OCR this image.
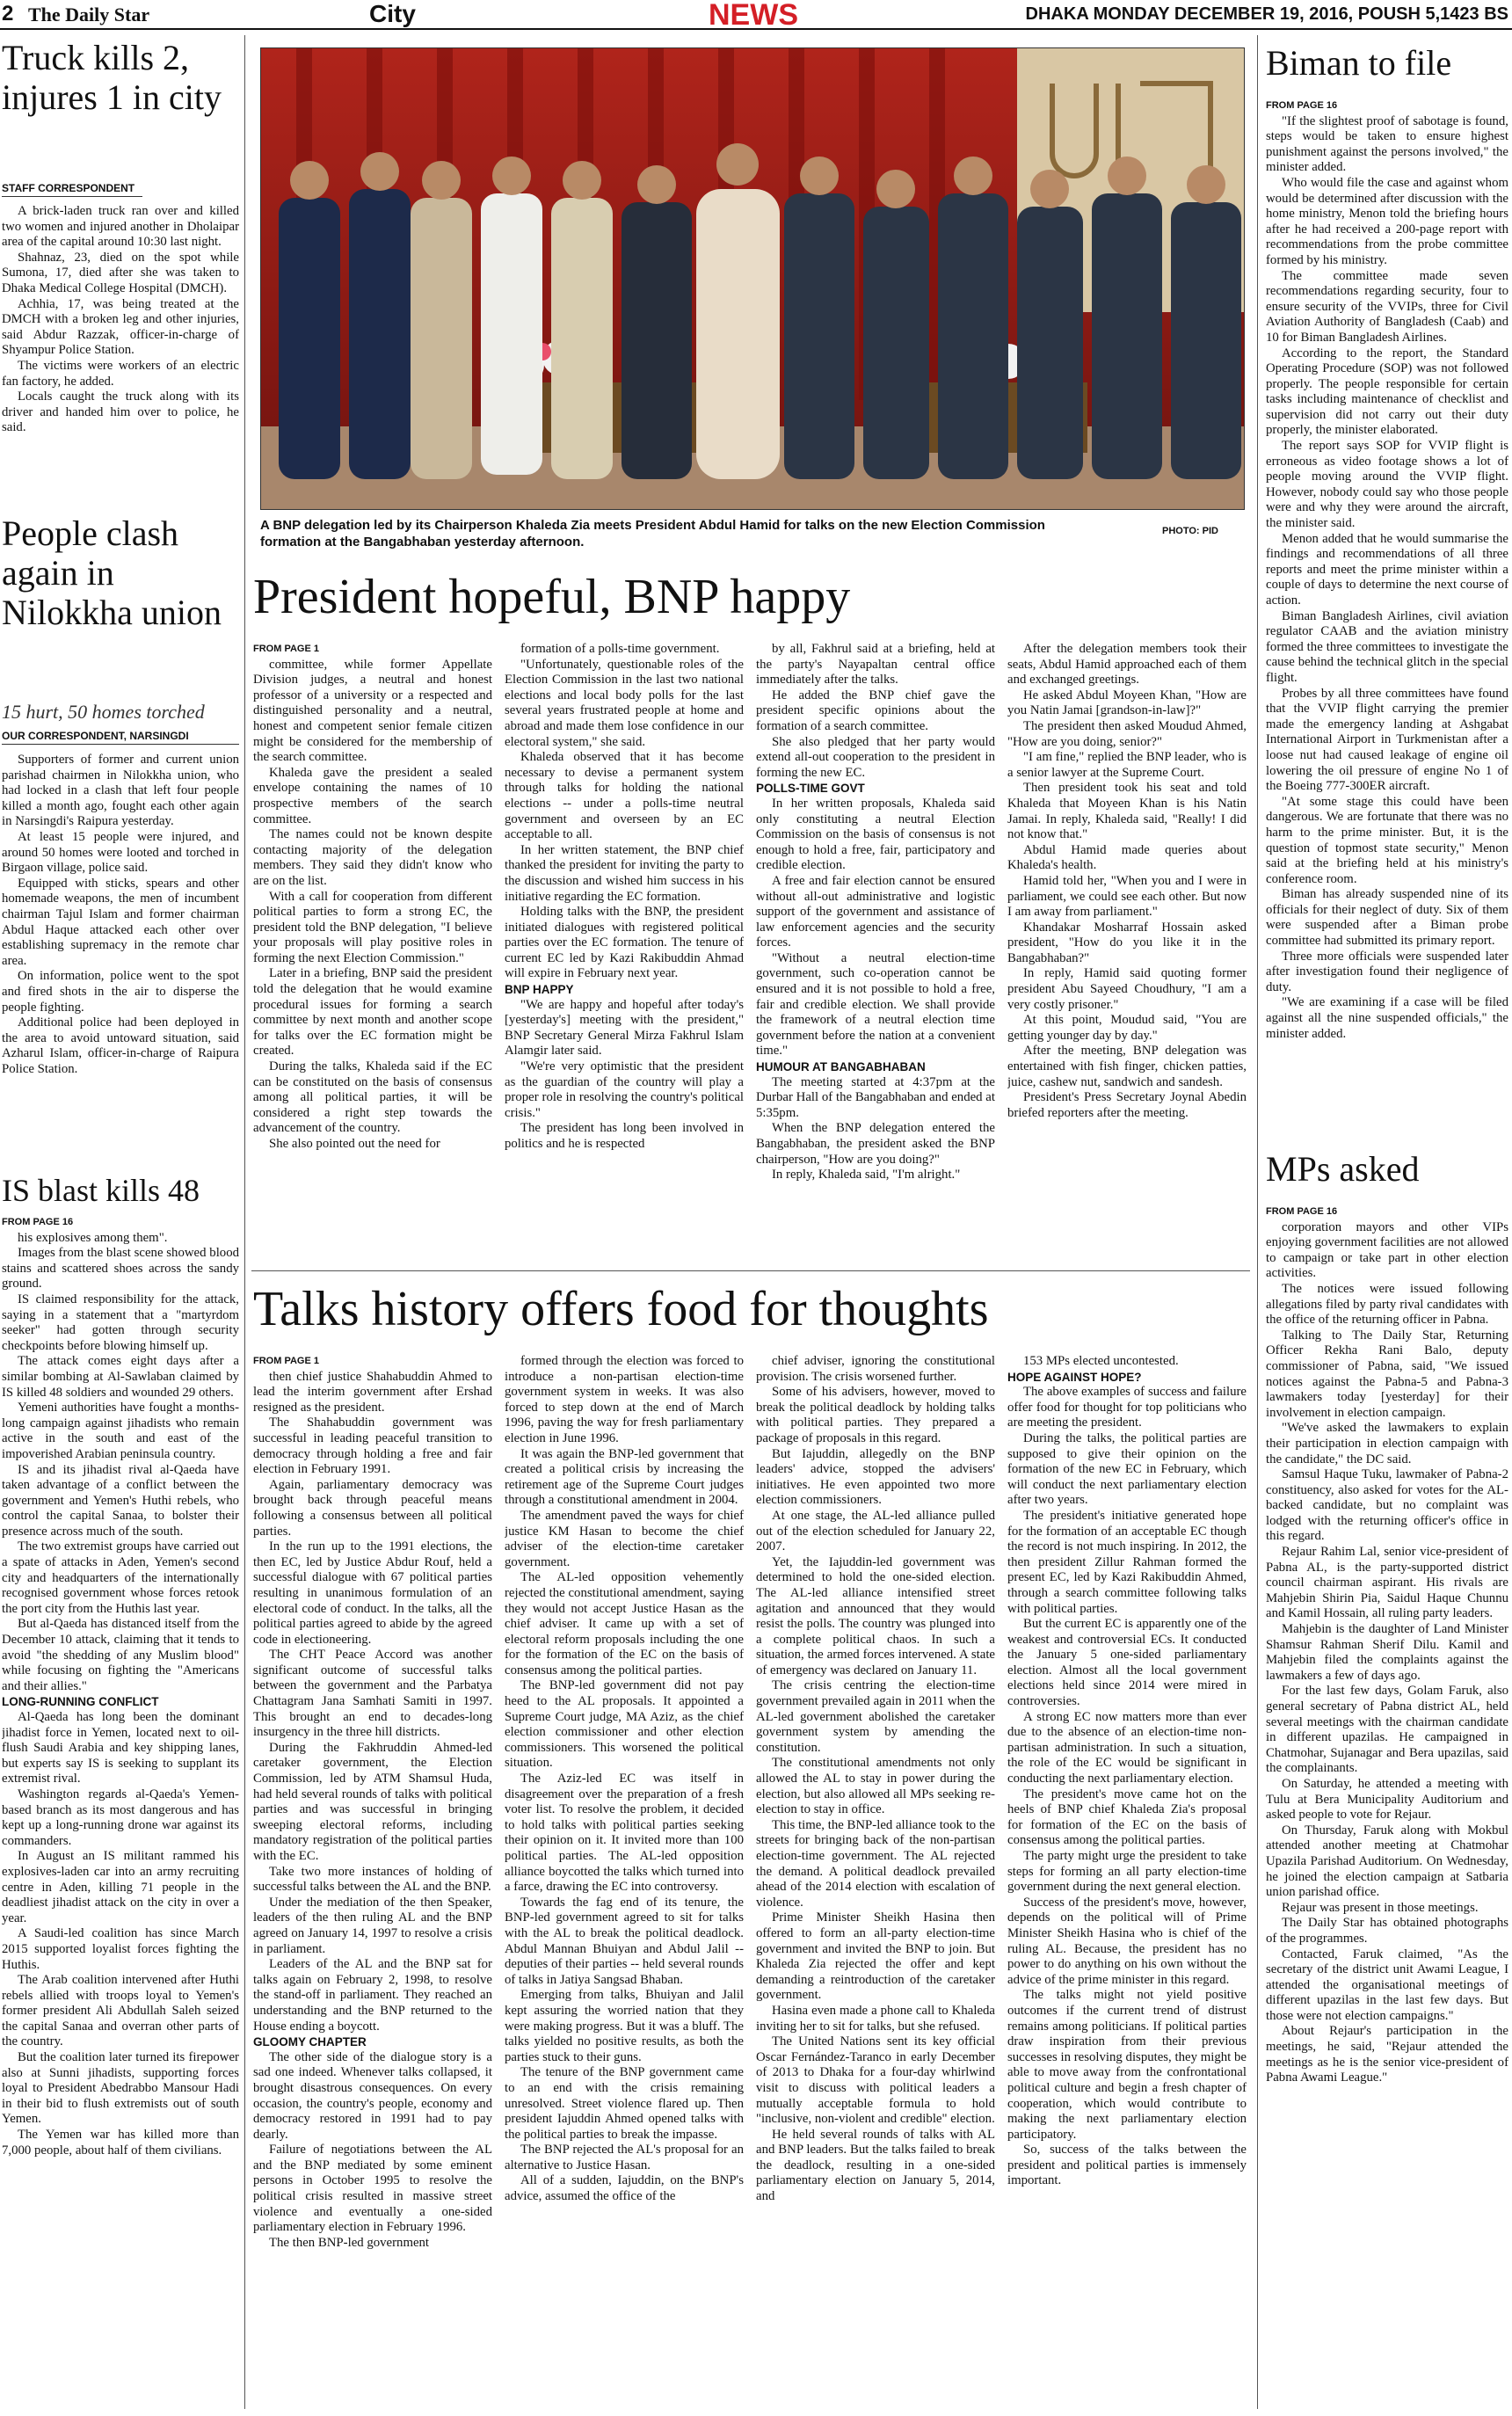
2 The Daily Star	City	NEWS	DHAKA MONDAY DECEMBER 19, 2016, POUSH 5,1423 BS
Truck kills 2, injures 1 in city
STAFF CORRESPONDENT

A brick-laden truck ran over and killed two women and injured another in Dholaipar area of the capital around 10:30 last night.

Shahnaz, 23, died on the spot while Sumona, 17, died after she was taken to Dhaka Medical College Hospital (DMCH).

Achhia, 17, was being treated at the DMCH with a broken leg and other injuries, said Abdur Razzak, officer-in-charge of Shyampur Police Station.

The victims were workers of an electric fan factory, he added.

Locals caught the truck along with its driver and handed him over to police, he said.

People clash again in Nilokkha union
15 hurt, 50 homes torched
OUR CORRESPONDENT, NARSINGDI

Supporters of former and current union parishad chairmen in Nilokkha union, who had locked in a clash that left four people killed a month ago, fought each other again in Narsingdi's Raipura yesterday.

At least 15 people were injured, and around 50 homes were looted and torched in Birgaon village, police said.

Equipped with sticks, spears and other homemade weapons, the men of incumbent chairman Tajul Islam and former chairman Abdul Haque attacked each other over establishing supremacy in the remote char area.

On information, police went to the spot and fired shots in the air to disperse the people fighting.

Additional police had been deployed in the area to avoid untoward situation, said Azharul Islam, officer-in-charge of Raipura Police Station.

IS blast kills 48

FROM PAGE 16

his explosives among them".

Images from the blast scene showed blood stains and scattered shoes across the sandy ground.

IS claimed responsibility for the attack, saying in a statement that a "martyrdom seeker" had gotten through security checkpoints before blowing himself up.

The attack comes eight days after a similar bombing at Al-Sawlaban claimed by IS killed 48 soldiers and wounded 29 others.

Yemeni authorities have fought a months-long campaign against jihadists who remain active in the south and east of the impoverished Arabian peninsula country.

IS and its jihadist rival al-Qaeda have taken advantage of a conflict between the government and Yemen's Huthi rebels, who control the capital Sanaa, to bolster their presence across much of the south.

The two extremist groups have carried out a spate of attacks in Aden, Yemen's second city and headquarters of the internationally recognised government whose forces retook the port city from the Huthis last year.

But al-Qaeda has distanced itself from the December 10 attack, claiming that it tends to avoid "the shedding of any Muslim blood" while focusing on fighting the "Americans and their allies."

LONG-RUNNING CONFLICT

Al-Qaeda has long been the dominant jihadist force in Yemen, located next to oil-flush Saudi Arabia and key shipping lanes, but experts say IS is seeking to supplant its extremist rival.

Washington regards al-Qaeda's Yemen-based branch as its most dangerous and has kept up a long-running drone war against its commanders.

In August an IS militant rammed his explosives-laden car into an army recruiting centre in Aden, killing 71 people in the deadliest jihadist attack on the city in over a year.

A Saudi-led coalition has since March 2015 supported loyalist forces fighting the Huthis.

The Arab coalition intervened after Huthi rebels allied with troops loyal to Yemen's former president Ali Abdullah Saleh seized the capital Sanaa and overran other parts of the country.

But the coalition later turned its firepower also at Sunni jihadists, supporting forces loyal to President Abedrabbo Mansour Hadi in their bid to flush extremists out of south Yemen.

The Yemen war has killed more than 7,000 people, about half of them civilians.

A BNP delegation led by its Chairperson Khaleda Zia meets President Abdul Hamid for talks on the new Election Commission formation at the Bangabhaban yesterday afternoon.
PHOTO: PID
President hopeful, BNP happy

FROM PAGE 1

committee, while former Appellate Division judges, a neutral and honest professor of a university or a respected and distinguished personality and a neutral, honest and competent senior female citizen might be considered for the membership of the search committee.

Khaleda gave the president a sealed envelope containing the names of 10 prospective members of the search committee.

The names could not be known despite contacting majority of the delegation members. They said they didn't know who are on the list.

With a call for cooperation from different political parties to form a strong EC, the president told the BNP delegation, "I believe your proposals will play positive roles in forming the next Election Commission."

Later in a briefing, BNP said the president told the delegation that he would examine procedural issues for forming a search committee by next month and another scope for talks over the EC formation might be created.

During the talks, Khaleda said if the EC can be constituted on the basis of consensus among all political parties, it will be considered a right step towards the advancement of the country.

She also pointed out the need for

formation of a polls-time government.

"Unfortunately, questionable roles of the Election Commission in the last two national elections and local body polls for the last several years frustrated people at home and abroad and made them lose confidence in our electoral system," she said.

Khaleda observed that it has become necessary to devise a permanent system through talks for holding the national elections -- under a polls-time neutral government and overseen by an EC acceptable to all.

In her written statement, the BNP chief thanked the president for inviting the party to the discussion and wished him success in his initiative regarding the EC formation.

Holding talks with the BNP, the president initiated dialogues with registered political parties over the EC formation. The tenure of current EC led by Kazi Rakibuddin Ahmad will expire in February next year.

BNP HAPPY

"We are happy and hopeful after today's [yesterday's] meeting with the president," BNP Secretary General Mirza Fakhrul Islam Alamgir later said.

"We're very optimistic that the president as the guardian of the country will play a proper role in resolving the country's political crisis."

The president has long been involved in politics and he is respected

by all, Fakhrul said at a briefing, held at the party's Nayapaltan central office immediately after the talks.

He added the BNP chief gave the president specific opinions about the formation of a search committee.

She also pledged that her party would extend all-out cooperation to the president in forming the new EC.

POLLS-TIME GOVT

In her written proposals, Khaleda said only constituting a neutral Election Commission on the basis of consensus is not enough to hold a free, fair, participatory and credible election.

A free and fair election cannot be ensured without all-out administrative and logistic support of the government and assistance of law enforcement agencies and the security forces.

"Without a neutral election-time government, such co-operation cannot be ensured and it is not possible to hold a free, fair and credible election. We shall provide the framework of a neutral election time government before the nation at a convenient time."

HUMOUR AT BANGABHABAN

The meeting started at 4:37pm at the Durbar Hall of the Bangabhaban and ended at 5:35pm.

When the BNP delegation entered the Bangabhaban, the president asked the BNP chairperson, "How are you doing?"

In reply, Khaleda said, "I'm alright."

After the delegation members took their seats, Abdul Hamid approached each of them and exchanged greetings.

He asked Abdul Moyeen Khan, "How are you Natin Jamai [grandson-in-law]?"

The president then asked Moudud Ahmed, "How are you doing, senior?"

"I am fine," replied the BNP leader, who is a senior lawyer at the Supreme Court.

Then president took his seat and told Khaleda that Moyeen Khan is his Natin Jamai. In reply, Khaleda said, "Really! I did not know that."

Abdul Hamid made queries about Khaleda's health.

Hamid told her, "When you and I were in parliament, we could see each other. But now I am away from parliament."

Khandakar Mosharraf Hossain asked president, "How do you like it in the Bangabhaban?"

In reply, Hamid said quoting former president Abu Sayeed Choudhury, "I am a very costly prisoner."

At this point, Moudud said, "You are getting younger day by day."

After the meeting, BNP delegation was entertained with fish finger, chicken patties, juice, cashew nut, sandwich and sandesh.

President's Press Secretary Joynal Abedin briefed reporters after the meeting.

Talks history offers food for thoughts

FROM PAGE 1

then chief justice Shahabuddin Ahmed to lead the interim government after Ershad resigned as the president.

The Shahabuddin government was successful in leading peaceful transition to democracy through holding a free and fair election in February 1991.

Again, parliamentary democracy was brought back through peaceful means following a consensus between all political parties.

In the run up to the 1991 elections, the then EC, led by Justice Abdur Rouf, held a successful dialogue with 67 political parties resulting in unanimous formulation of an electoral code of conduct. In the talks, all the political parties agreed to abide by the agreed code in electioneering.

The CHT Peace Accord was another significant outcome of successful talks between the government and the Parbatya Chattagram Jana Samhati Samiti in 1997. This brought an end to decades-long insurgency in the three hill districts.

During the Fakhruddin Ahmed-led caretaker government, the Election Commission, led by ATM Shamsul Huda, had held several rounds of talks with political parties and was successful in bringing sweeping electoral reforms, including mandatory registration of the political parties with the EC.

Take two more instances of holding of successful talks between the AL and the BNP.

Under the mediation of the then Speaker, leaders of the then ruling AL and the BNP agreed on January 14, 1997 to resolve a crisis in parliament.

Leaders of the AL and the BNP sat for talks again on February 2, 1998, to resolve the stand-off in parliament. They reached an understanding and the BNP returned to the House ending a boycott.

GLOOMY CHAPTER

The other side of the dialogue story is a sad one indeed. Whenever talks collapsed, it brought disastrous consequences. On every occasion, the country's people, economy and democracy restored in 1991 had to pay dearly.

Failure of negotiations between the AL and the BNP mediated by some eminent persons in October 1995 to resolve the political crisis resulted in massive street violence and eventually a one-sided parliamentary election in February 1996.

The then BNP-led government

formed through the election was forced to introduce a non-partisan election-time government system in weeks. It was also forced to step down at the end of March 1996, paving the way for fresh parliamentary election in June 1996.

It was again the BNP-led government that created a political crisis by increasing the retirement age of the Supreme Court judges through a constitutional amendment in 2004.

The amendment paved the ways for chief justice KM Hasan to become the chief adviser of the election-time caretaker government.

The AL-led opposition vehemently rejected the constitutional amendment, saying they would not accept Justice Hasan as the chief adviser. It came up with a set of electoral reform proposals including the one for the formation of the EC on the basis of consensus among the political parties.

The BNP-led government did not pay heed to the AL proposals. It appointed a Supreme Court judge, MA Aziz, as the chief election commissioner and other election commissioners. This worsened the political situation.

The Aziz-led EC was itself in disagreement over the preparation of a fresh voter list. To resolve the problem, it decided to hold talks with political parties seeking their opinion on it. It invited more than 100 political parties. The AL-led opposition alliance boycotted the talks which turned into a farce, drawing the EC into controversy.

Towards the fag end of its tenure, the BNP-led government agreed to sit for talks with the AL to break the political deadlock. Abdul Mannan Bhuiyan and Abdul Jalil -- deputies of their parties -- held several rounds of talks in Jatiya Sangsad Bhaban.

Emerging from talks, Bhuiyan and Jalil kept assuring the worried nation that they were making progress. But it was a bluff. The talks yielded no positive results, as both the parties stuck to their guns.

The tenure of the BNP government came to an end with the crisis remaining unresolved. Street violence flared up. Then president Iajuddin Ahmed opened talks with the political parties to break the impasse.

The BNP rejected the AL's proposal for an alternative to Justice Hasan.

All of a sudden, Iajuddin, on the BNP's advice, assumed the office of the

chief adviser, ignoring the constitutional provision. The crisis worsened further.

Some of his advisers, however, moved to break the political deadlock by holding talks with political parties. They prepared a package of proposals in this regard.

But Iajuddin, allegedly on the BNP leaders' advice, stopped the advisers' initiatives. He even appointed two more election commissioners.

At one stage, the AL-led alliance pulled out of the election scheduled for January 22, 2007.

Yet, the Iajuddin-led government was determined to hold the one-sided election. The AL-led alliance intensified street agitation and announced that they would resist the polls. The country was plunged into a complete political chaos. In such a situation, the armed forces intervened. A state of emergency was declared on January 11.

The crisis centring the election-time government prevailed again in 2011 when the AL-led government abolished the caretaker government system by amending the constitution.

The constitutional amendments not only allowed the AL to stay in power during the election, but also allowed all MPs seeking re-election to stay in office.

This time, the BNP-led alliance took to the streets for bringing back of the non-partisan election-time government. The AL rejected the demand. A political deadlock prevailed ahead of the 2014 election with escalation of violence.

Prime Minister Sheikh Hasina then offered to form an all-party election-time government and invited the BNP to join. But Khaleda Zia rejected the offer and kept demanding a reintroduction of the caretaker government.

Hasina even made a phone call to Khaleda inviting her to sit for talks, but she refused.

The United Nations sent its key official Oscar Fernández-Taranco in early December of 2013 to Dhaka for a four-day whirlwind visit to discuss with political leaders a mutually acceptable formula to hold "inclusive, non-violent and credible" election.

He held several rounds of talks with AL and BNP leaders. But the talks failed to break the deadlock, resulting in a one-sided parliamentary election on January 5, 2014, and

153 MPs elected uncontested.

HOPE AGAINST HOPE?

The above examples of success and failure offer food for thought for top politicians who are meeting the president.

During the talks, the political parties are supposed to give their opinion on the formation of the new EC in February, which will conduct the next parliamentary election after two years.

The president's initiative generated hope for the formation of an acceptable EC though the record is not much inspiring. In 2012, the then president Zillur Rahman formed the present EC, led by Kazi Rakibuddin Ahmed, through a search committee following talks with political parties.

But the current EC is apparently one of the weakest and controversial ECs. It conducted the January 5 one-sided parliamentary election. Almost all the local government elections held since 2014 were mired in controversies.

A strong EC now matters more than ever due to the absence of an election-time non-partisan administration. In such a situation, the role of the EC would be significant in conducting the next parliamentary election.

The president's move came hot on the heels of BNP chief Khaleda Zia's proposal for formation of the EC on the basis of consensus among the political parties.

The party might urge the president to take steps for forming an all party election-time government during the next general election.

Success of the president's move, however, depends on the political will of Prime Minister Sheikh Hasina who is chief of the ruling AL. Because, the president has no power to do anything on his own without the advice of the prime minister in this regard.

The talks might not yield positive outcomes if the current trend of distrust remains among politicians. If political parties draw inspiration from their previous successes in resolving disputes, they might be able to move away from the confrontational political culture and begin a fresh chapter of cooperation, which would contribute to making the next parliamentary election participatory.

So, success of the talks between the president and political parties is immensely important.

Biman to file

FROM PAGE 16

"If the slightest proof of sabotage is found, steps would be taken to ensure highest punishment against the persons involved," the minister added.

Who would file the case and against whom would be determined after discussion with the home ministry, Menon told the briefing hours after he had received a 200-page report with recommendations from the probe committee formed by his ministry.

The committee made seven recommendations regarding security, four to ensure security of the VVIPs, three for Civil Aviation Authority of Bangladesh (Caab) and 10 for Biman Bangladesh Airlines.

According to the report, the Standard Operating Procedure (SOP) was not followed properly. The people responsible for certain tasks including maintenance of checklist and supervision did not carry out their duty properly, the minister elaborated.

The report says SOP for VVIP flight is erroneous as video footage shows a lot of people moving around the VVIP flight. However, nobody could say who those people were and why they were around the aircraft, the minister said.

Menon added that he would summarise the findings and recommendations of all three reports and meet the prime minister within a couple of days to determine the next course of action.

Biman Bangladesh Airlines, civil aviation regulator CAAB and the aviation ministry formed the three committees to investigate the cause behind the technical glitch in the special flight.

Probes by all three committees have found that the VVIP flight carrying the premier made the emergency landing at Ashgabat International Airport in Turkmenistan after a loose nut had caused leakage of engine oil lowering the oil pressure of engine No 1 of the Boeing 777-300ER aircraft.

"At some stage this could have been dangerous. We are fortunate that there was no harm to the prime minister. But, it is the question of topmost state security," Menon said at the briefing held at his ministry's conference room.

Biman has already suspended nine of its officials for their neglect of duty. Six of them were suspended after a Biman probe committee had submitted its primary report.

Three more officials were suspended later after investigation found their negligence of duty.

"We are examining if a case will be filed against all the nine suspended officials," the minister added.

MPs asked

FROM PAGE 16

corporation mayors and other VIPs enjoying government facilities are not allowed to campaign or take part in other election activities.

The notices were issued following allegations filed by party rival candidates with the office of the returning officer in Pabna.

Talking to The Daily Star, Returning Officer Rekha Rani Balo, deputy commissioner of Pabna, said, "We issued notices against the Pabna-5 and Pabna-3 lawmakers today [yesterday] for their involvement in election campaign.

"We've asked the lawmakers to explain their participation in election campaign with the candidate," the DC said.

Samsul Haque Tuku, lawmaker of Pabna-2 constituency, also asked for votes for the AL-backed candidate, but no complaint was lodged with the returning officer's office in this regard.

Rejaur Rahim Lal, senior vice-president of Pabna AL, is the party-supported district council chairman aspirant. His rivals are Mahjebin Shirin Pia, Saidul Haque Chunnu and Kamil Hossain, all ruling party leaders.

Mahjebin is the daughter of Land Minister Shamsur Rahman Sherif Dilu. Kamil and Mahjebin filed the complaints against the lawmakers a few of days ago.

For the last few days, Golam Faruk, also general secretary of Pabna district AL, held several meetings with the chairman candidate in different upazilas. He campaigned in Chatmohar, Sujanagar and Bera upazilas, said the complainants.

On Saturday, he attended a meeting with Tulu at Bera Municipality Auditorium and asked people to vote for Rejaur.

On Thursday, Faruk along with Mokbul attended another meeting at Chatmohar Upazila Parishad Auditorium. On Wednesday, he joined the election campaign at Satbaria union parishad office.

Rejaur was present in those meetings.

The Daily Star has obtained photographs of the programmes.

Contacted, Faruk claimed, "As the secretary of the district unit Awami League, I attended the organisational meetings of different upazilas in the last few days. But those were not election campaigns."

About Rejaur's participation in the meetings, he said, "Rejaur attended the meetings as he is the senior vice-president of Pabna Awami League."
